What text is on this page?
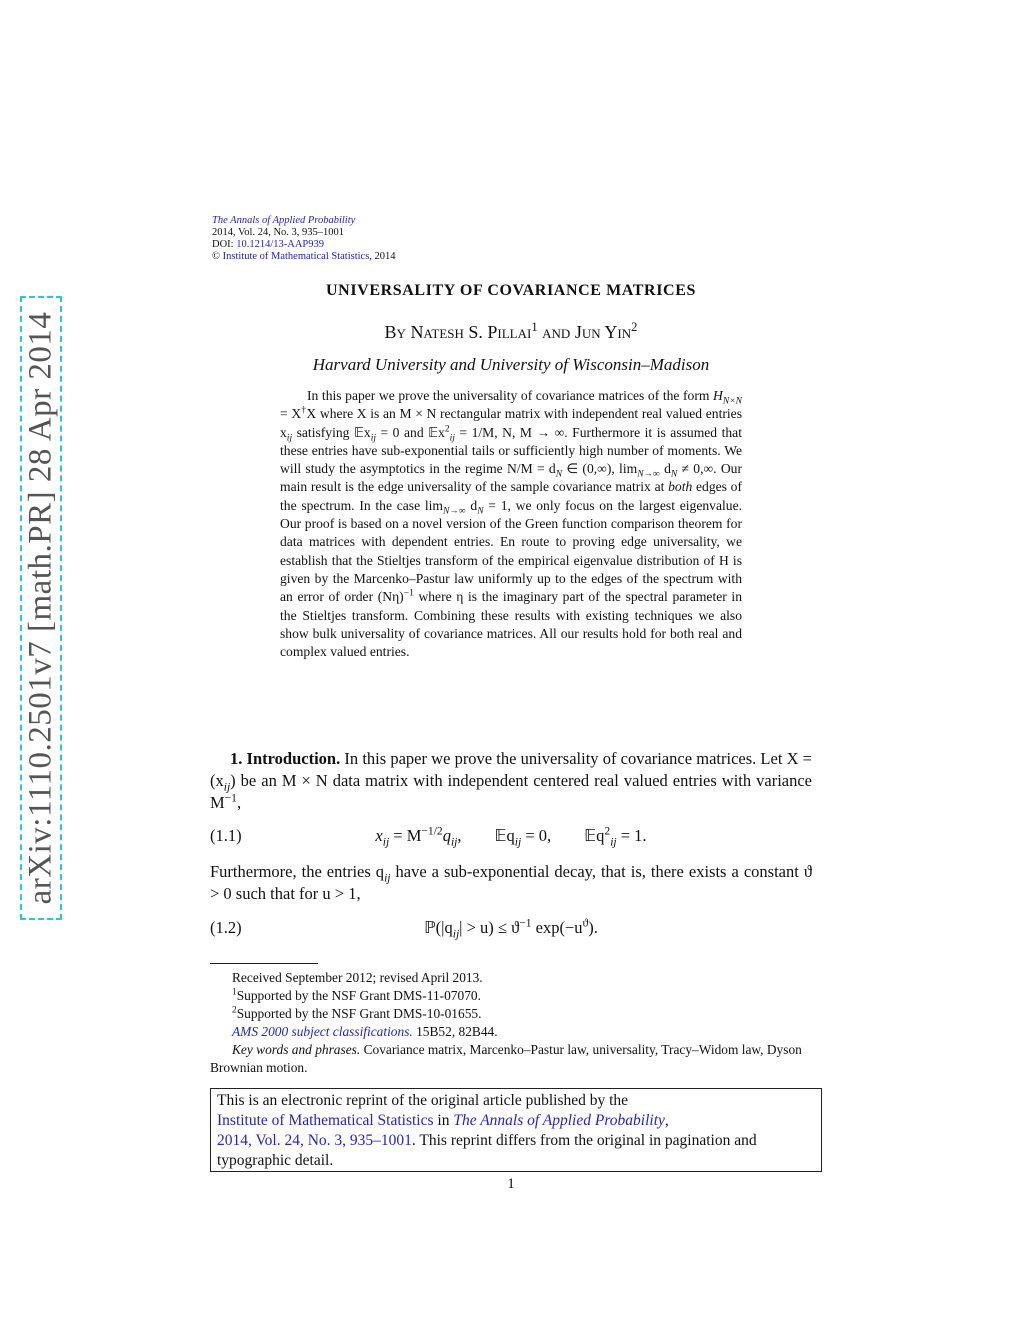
arXiv:1110.2501v7 [math.PR] 28 Apr 2014
The Annals of Applied Probability
2014, Vol. 24, No. 3, 935–1001
DOI: 10.1214/13-AAP939
© Institute of Mathematical Statistics, 2014
UNIVERSALITY OF COVARIANCE MATRICES
By Natesh S. Pillai$^1$ and Jun Yin$^2$
Harvard University and University of Wisconsin–Madison
In this paper we prove the universality of covariance matrices of the form $H_{N\times N} = X^\dagger X$ where X is an M × N rectangular matrix with independent real valued entries $x_{ij}$ satisfying 𝔼x$_{ij}$ = 0 and 𝔼x$^2_{ij}$ = 1/M, N, M → ∞. Furthermore it is assumed that these entries have sub-exponential tails or sufficiently high number of moments. We will study the asymptotics in the regime $N/M = d_N$ ∈ (0,∞), $\lim_{N\to\infty} d_N \ne 0,\infty$. Our main result is the edge universality of the sample covariance matrix at both edges of the spectrum. In the case $\lim_{N\to\infty} d_N = 1$, we only focus on the largest eigenvalue. Our proof is based on a novel version of the Green function comparison theorem for data matrices with dependent entries. En route to proving edge universality, we establish that the Stieltjes transform of the empirical eigenvalue distribution of H is given by the Marcenko–Pastur law uniformly up to the edges of the spectrum with an error of order $(N\eta)^{-1}$ where η is the imaginary part of the spectral parameter in the Stieltjes transform. Combining these results with existing techniques we also show bulk universality of covariance matrices. All our results hold for both real and complex valued entries.
1. Introduction. In this paper we prove the universality of covariance matrices. Let $X = (x_{ij})$ be an M × N data matrix with independent centered real valued entries with variance $M^{-1}$,
(1.1)	$x_{ij} = M^{-1/2}q_{ij}$,        𝔼q$_{ij}$ = 0,        𝔼q$^2_{ij}$ = 1.
Furthermore, the entries $q_{ij}$ have a sub-exponential decay, that is, there exists a constant ϑ > 0 such that for u > 1,
(1.2)	$ℙ(|q_{ij}| > u) \le ϑ^{-1}$ $\exp(-u^ϑ)$.
Received September 2012; revised April 2013.
$^1$Supported by the NSF Grant DMS-11-07070.
$^2$Supported by the NSF Grant DMS-10-01655.
AMS 2000 subject classifications. 15B52, 82B44.
Key words and phrases. Covariance matrix, Marcenko–Pastur law, universality, Tracy–Widom law, Dyson Brownian motion.
This is an electronic reprint of the original article published by the
Institute of Mathematical Statistics in The Annals of Applied Probability,
2014, Vol. 24, No. 3, 935–1001. This reprint differs from the original in pagination and typographic detail.
1
